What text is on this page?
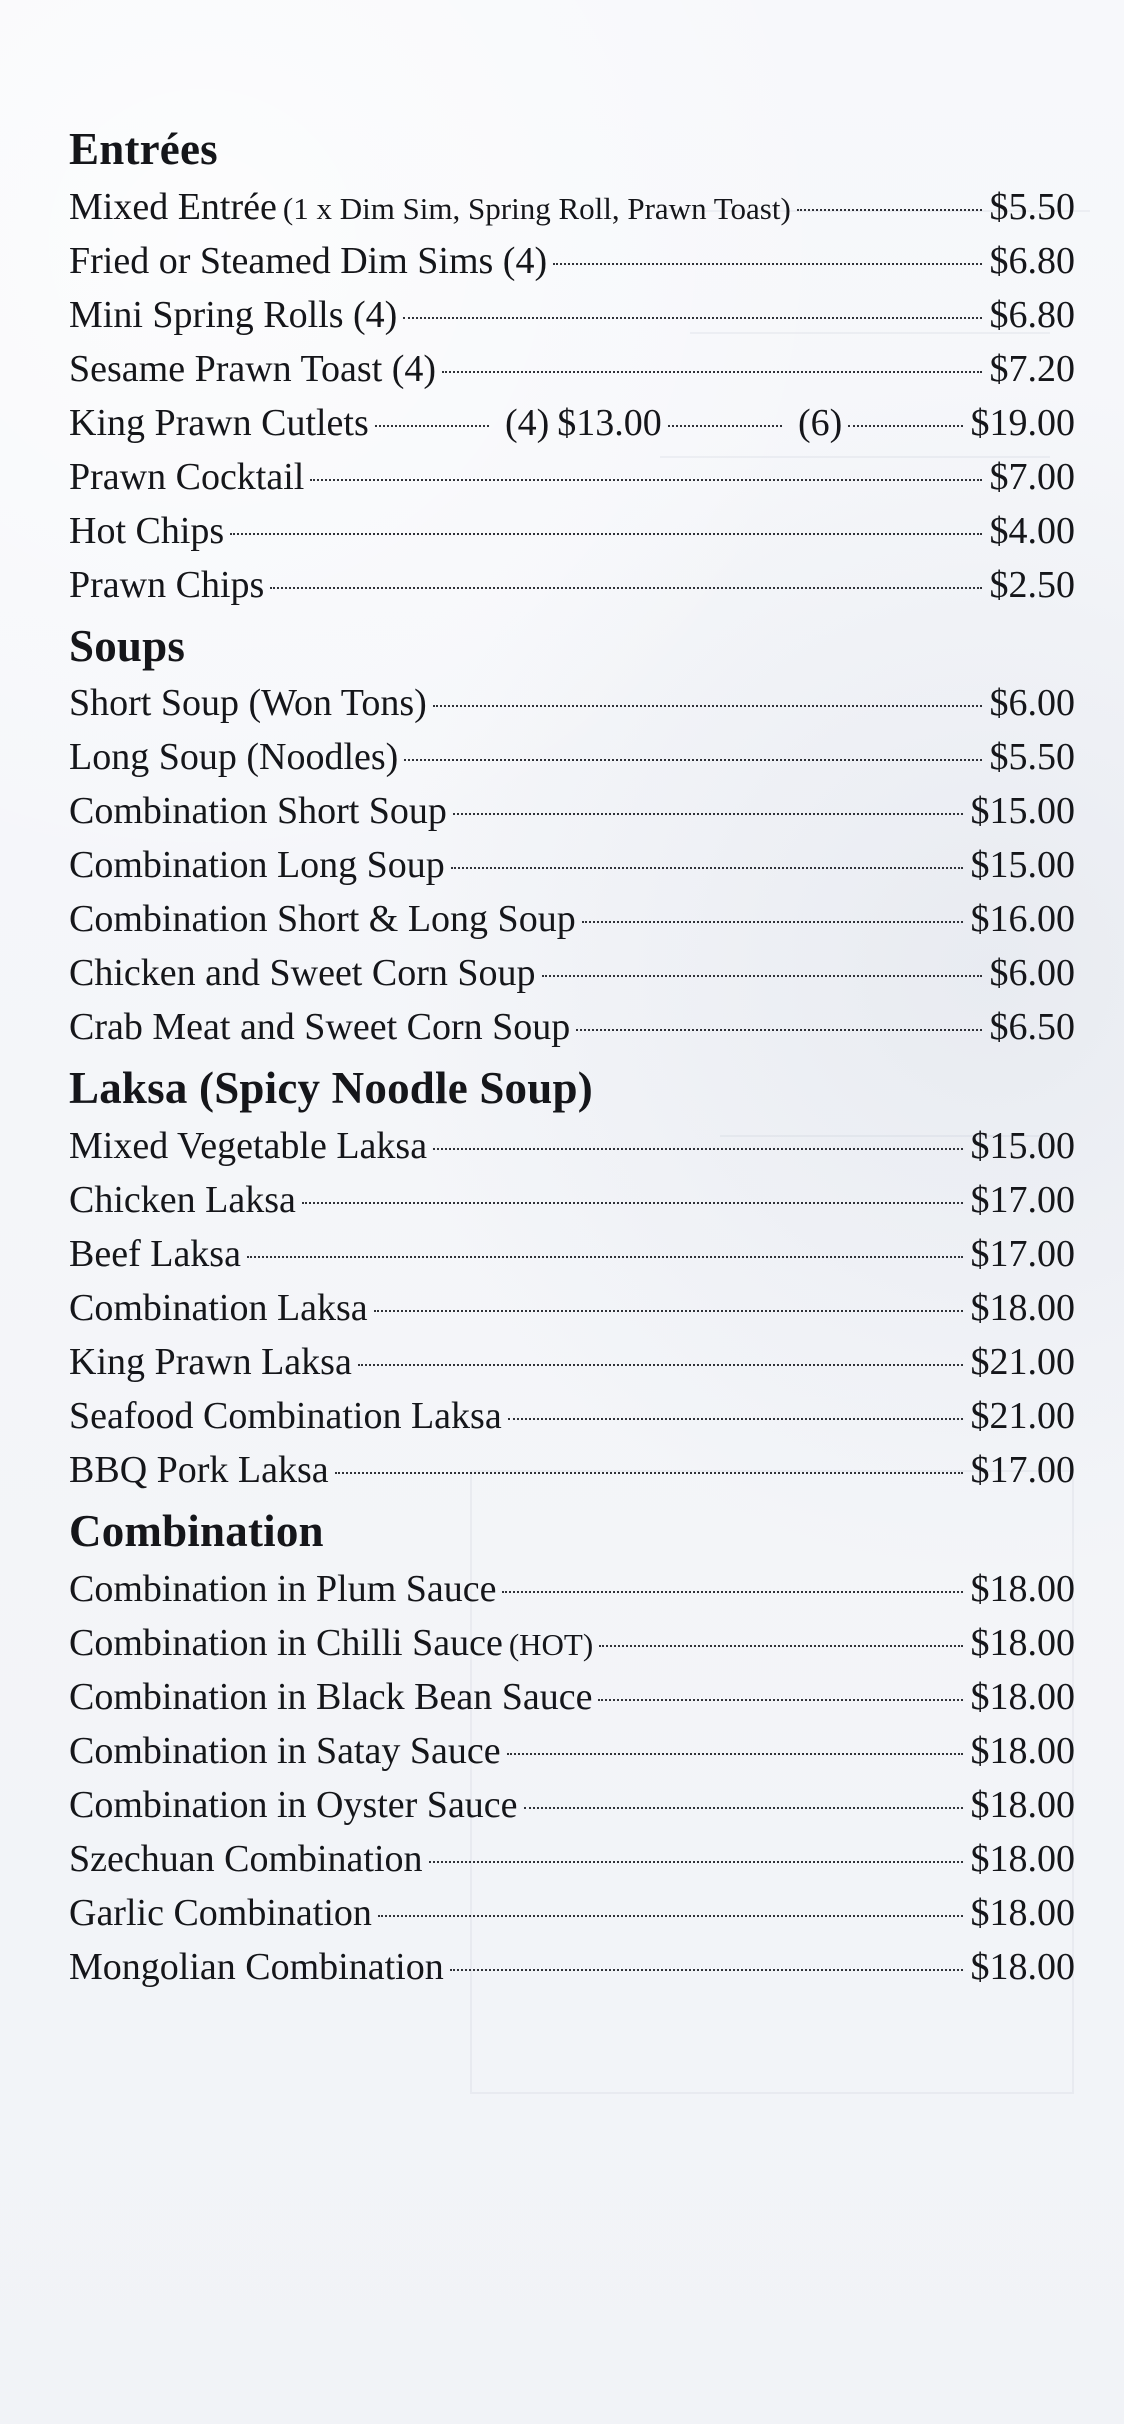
Entrées
Mixed Entrée (1 x Dim Sim, Spring Roll, Prawn Toast)	$5.50
Fried or Steamed Dim Sims (4)	$6.80
Mini Spring Rolls (4)	$6.80
Sesame Prawn Toast (4)	$7.20
King Prawn Cutlets	(4) $13.00	(6)	$19.00
Prawn Cocktail	$7.00
Hot Chips	$4.00
Prawn Chips	$2.50
Soups
Short Soup (Won Tons)	$6.00
Long Soup (Noodles)	$5.50
Combination Short Soup	$15.00
Combination Long Soup	$15.00
Combination Short & Long Soup	$16.00
Chicken and Sweet Corn Soup	$6.00
Crab Meat and Sweet Corn Soup	$6.50
Laksa (Spicy Noodle Soup)
Mixed Vegetable Laksa	$15.00
Chicken Laksa	$17.00
Beef Laksa	$17.00
Combination Laksa	$18.00
King Prawn Laksa	$21.00
Seafood Combination Laksa	$21.00
BBQ Pork Laksa	$17.00
Combination
Combination in Plum Sauce	$18.00
Combination in Chilli Sauce (HOT)	$18.00
Combination in Black Bean Sauce	$18.00
Combination in Satay Sauce	$18.00
Combination in Oyster Sauce	$18.00
Szechuan Combination	$18.00
Garlic Combination	$18.00
Mongolian Combination	$18.00
